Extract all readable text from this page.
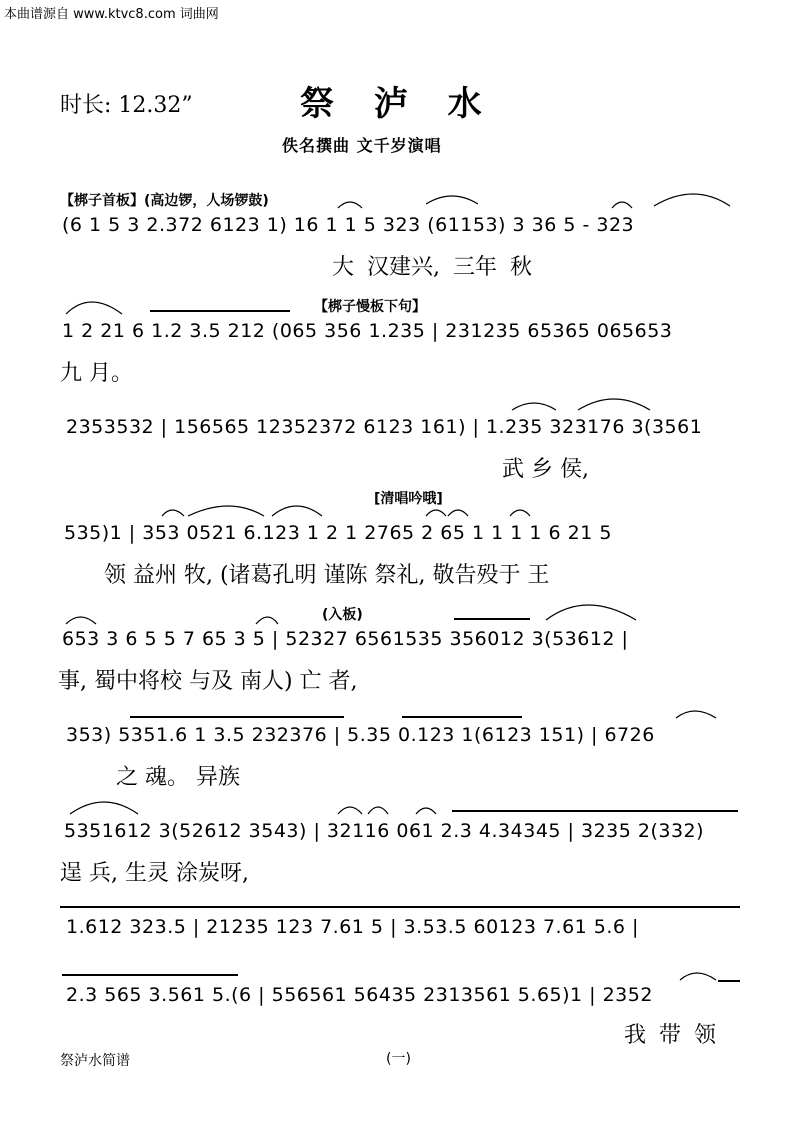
本曲谱源自 www.ktvc8.com 词曲网
时长: 12.32”	祭 泸 水
佚名撰曲 文千岁演唱
【梆子首板】(高边锣，人场锣鼓)
【梆子慢板下句】
[清唱吟哦]
(入板)
(6 1 5 3 2.372 6123 1) 16 1 1 5 323 (61153) 3 36 5 - 323
大 汉建兴, 三年 秋
1 2 21 6 1.2 3.5 212 (065 356 1.235 | 231235 65365 065653
九 月。
2353532 | 156565 12352372 6123 161) | 1.235 323176 3(3561
武 乡 侯,
535)1 | 353 0521 6.123 1 2 1 2765 2 65 1 1 1 1 6 21 5
领 益州 牧, (诸葛孔明 谨陈 祭礼, 敬告殁于 王
653 3 6 5 5 7 65 3 5 | 52327 6561535 356012 3(53612 |
事, 蜀中将校 与及 南人) 亡 者,
353) 5351.6 1 3.5 232376 | 5.35 0.123 1(6123 151) | 6726
之 魂。 异族
5351612 3(52612 3543) | 32116 061 2.3 4.34345 | 3235 2(332)
逞 兵, 生灵 涂炭呀,
1.612 323.5 | 21235 123 7.61 5 | 3.53.5 60123 7.61 5.6 |
2.3 565 3.561 5.(6 | 556561 56435 2313561 5.65)1 | 2352
我 带 领
祭泸水简谱	(一)
